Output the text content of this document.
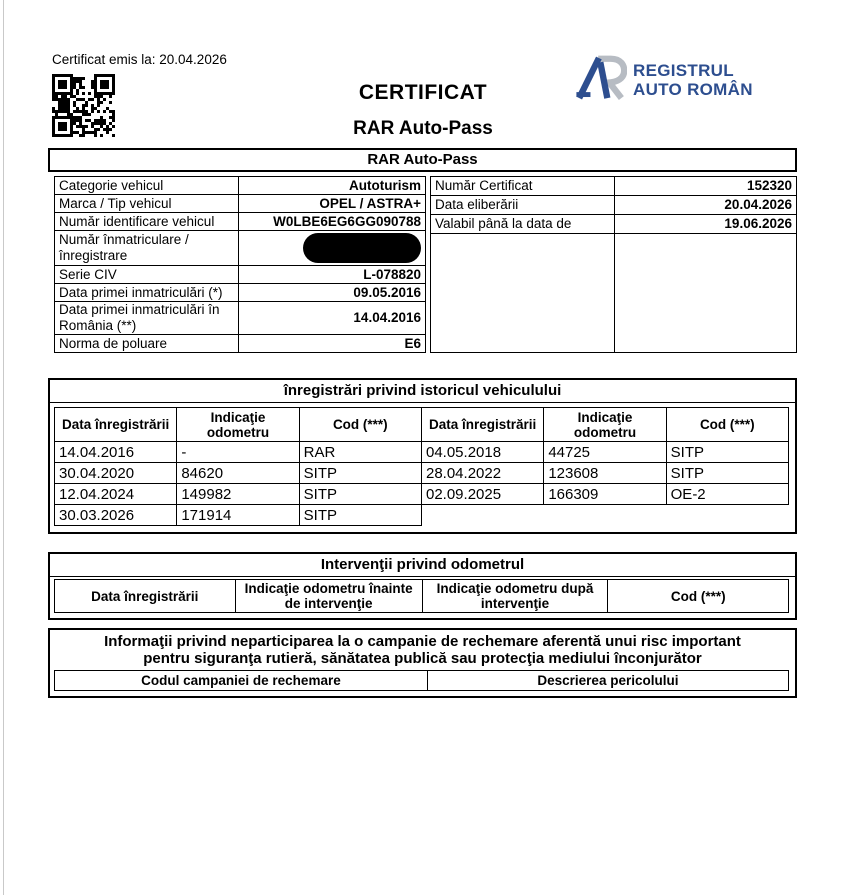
Certificat emis la: 20.04.2026
CERTIFICAT
RAR Auto-Pass
REGISTRUL
AUTO ROMÂN
RAR Auto-Pass
Categorie vehicul	Autoturism
Marca / Tip vehicul	OPEL / ASTRA+
Număr identificare vehicul	W0LBE6EG6GG090788
Număr înmatriculare / înregistrare	

Serie CIV	L-078820
Data primei inmatriculări (*)	09.05.2016
Data primei inmatriculări în România (**)	14.04.2016
Norma de poluare	E6
Număr Certificat	152320
Data eliberării	20.04.2026
Valabil până la data de	19.06.2026
înregistrări privind istoricul vehiculului
Data înregistrării	Indicaţie odometru	Cod (***)	Data înregistrării	Indicaţie odometru	Cod (***)
14.04.2016	-	RAR	04.05.2018	44725	SITP
30.04.2020	84620	SITP	28.04.2022	123608	SITP
12.04.2024	149982	SITP	02.09.2025	166309	OE-2
30.03.2026	171914	SITP			
Intervenţii privind odometrul
Data înregistrării	Indicaţie odometru înainte de intervenţie	Indicaţie odometru după intervenţie	Cod (***)
Informaţii privind neparticiparea la o campanie de rechemare aferentă unui risc important
pentru siguranţa rutieră, sănătatea publică sau protecţia mediului înconjurător
Codul campaniei de rechemare	Descrierea pericolului
